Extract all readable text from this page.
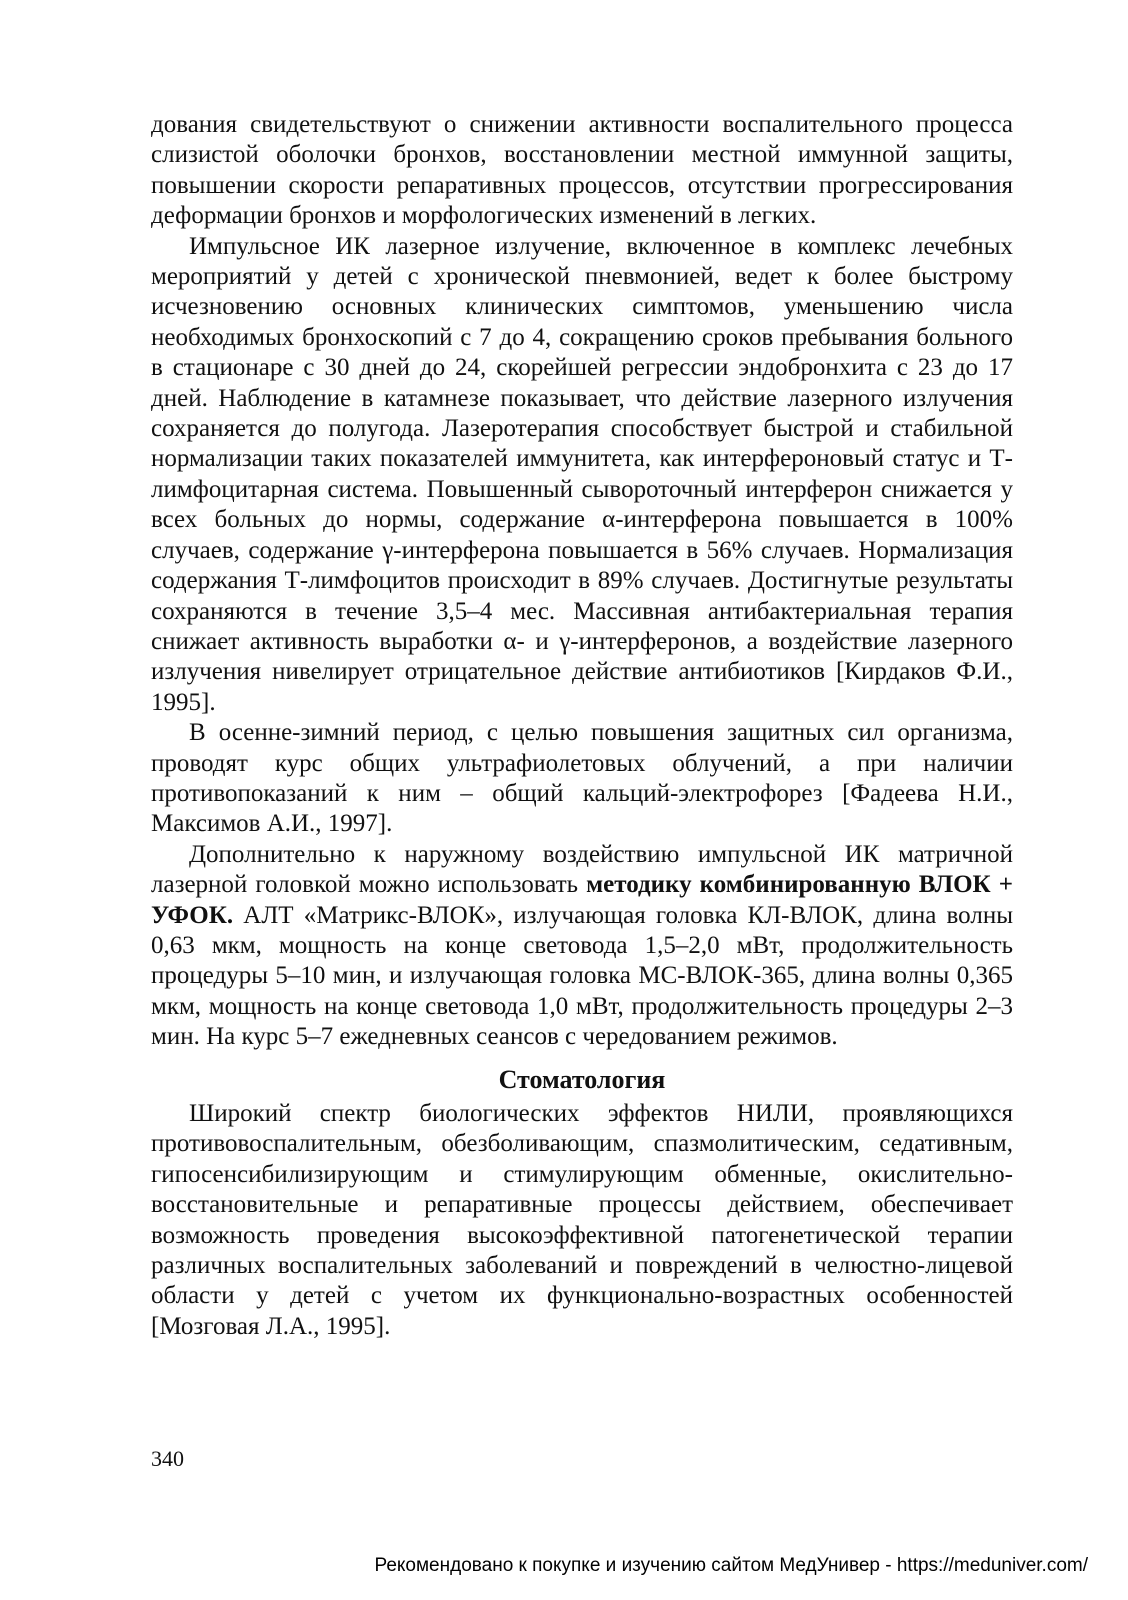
дования свидетельствуют о снижении активности воспалительного процесса слизистой оболочки бронхов, восстановлении местной иммунной защиты, повышении скорости репаративных процессов, отсутствии прогрессирования деформации бронхов и морфологических изменений в легких.

Импульсное ИК лазерное излучение, включенное в комплекс лечебных мероприятий у детей с хронической пневмонией, ведет к более быстрому исчезновению основных клинических симптомов, уменьшению числа необходимых бронхоскопий с 7 до 4, сокращению сроков пребывания больного в стационаре с 30 дней до 24, скорейшей регрессии эндобронхита с 23 до 17 дней. Наблюдение в катамнезе показывает, что действие лазерного излучения сохраняется до полугода. Лазеротерапия способствует быстрой и стабильной нормализации таких показателей иммунитета, как интерфероновый статус и Т-лимфоцитарная система. Повышенный сывороточный интерферон снижается у всех больных до нормы, содержание α-интерферона повышается в 100% случаев, содержание γ-интерферона повышается в 56% случаев. Нормализация содержания Т-лимфоцитов происходит в 89% случаев. Достигнутые результаты сохраняются в течение 3,5–4 мес. Массивная антибактериальная терапия снижает активность выработки α- и γ-интерферонов, а воздействие лазерного излучения нивелирует отрицательное действие антибиотиков [Кирдаков Ф.И., 1995].

В осенне-зимний период, с целью повышения защитных сил организма, проводят курс общих ультрафиолетовых облучений, а при наличии противопоказаний к ним – общий кальций-электрофорез [Фадеева Н.И., Максимов А.И., 1997].

Дополнительно к наружному воздействию импульсной ИК матричной лазерной головкой можно использовать методику комбинированную ВЛОК + УФОК. АЛТ «Матрикс-ВЛОК», излучающая головка КЛ-ВЛОК, длина волны 0,63 мкм, мощность на конце световода 1,5–2,0 мВт, продолжительность процедуры 5–10 мин, и излучающая головка МС-ВЛОК-365, длина волны 0,365 мкм, мощность на конце световода 1,0 мВт, продолжительность процедуры 2–3 мин. На курс 5–7 ежедневных сеансов с чередованием режимов.

Стоматология

Широкий спектр биологических эффектов НИЛИ, проявляющихся противовоспалительным, обезболивающим, спазмолитическим, седативным, гипосенсибилизирующим и стимулирующим обменные, окислительно-восстановительные и репаративные процессы действием, обеспечивает возможность проведения высокоэффективной патогенетической терапии различных воспалительных заболеваний и повреждений в челюстно-лицевой области у детей с учетом их функционально-возрастных особенностей [Мозговая Л.А., 1995].

340
Рекомендовано к покупке и изучению сайтом МедУнивер - https://meduniver.com/
